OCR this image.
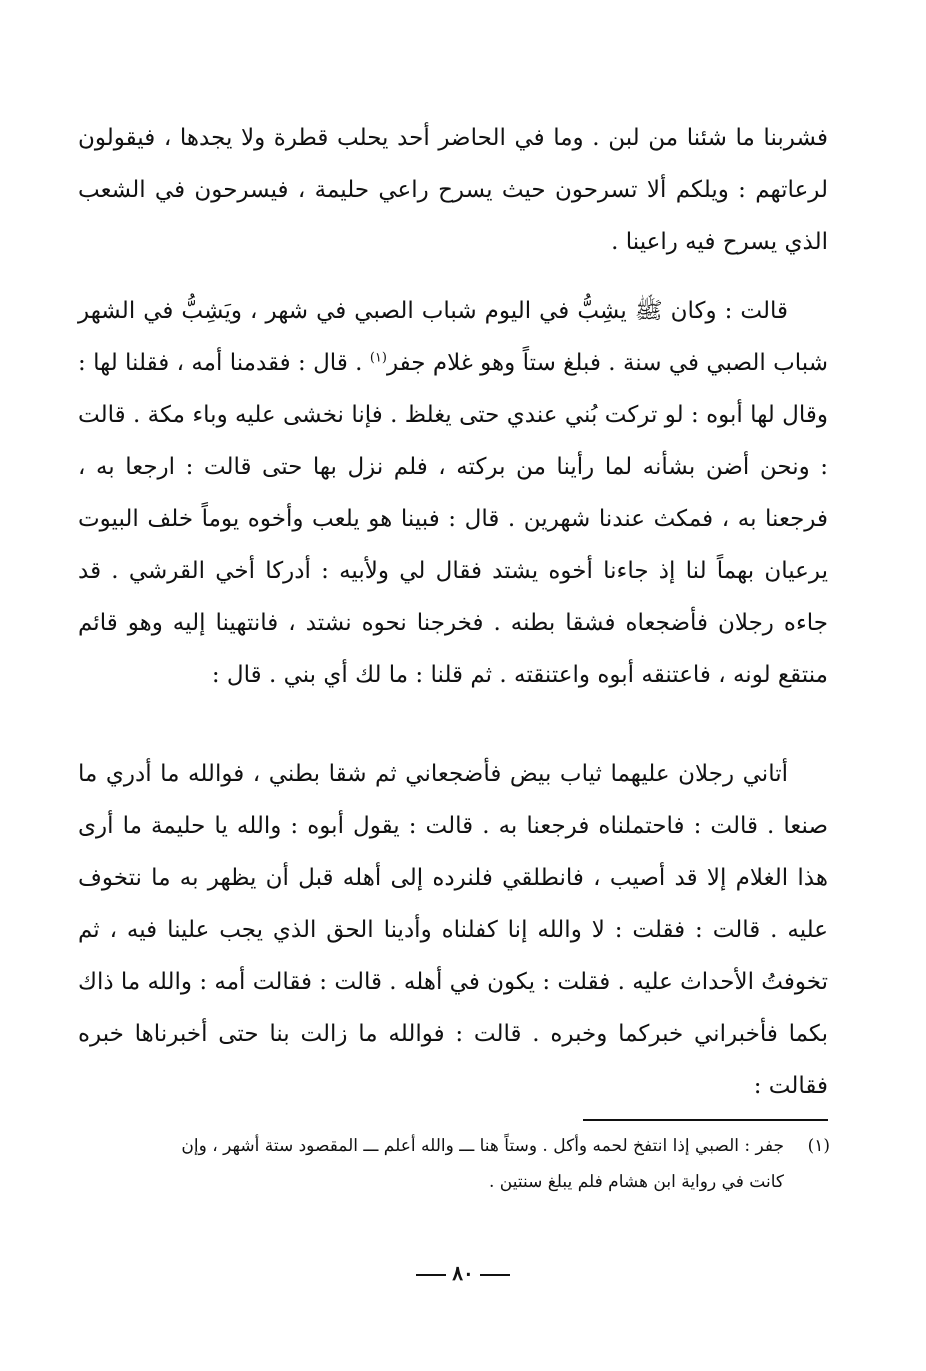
فشربنا ما شئنا من لبن . وما في الحاضر أحد يحلب قطرة ولا يجدها ، فيقولون لرعاتهم : ويلكم ألا تسرحون حيث يسرح راعي حليمة ، فيسرحون في الشعب الذي يسرح فيه راعينا .
قالت : وكان ﷺ يشِبُّ في اليوم شباب الصبي في شهر ، ويَشِبُّ في الشهر شباب الصبي في سنة . فبلغ ستاً وهو غلام جفر$^{(١)}$ . قال : فقدمنا أمه ، فقلنا لها : وقال لها أبوه : لو تركت بُني عندي حتى يغلظ . فإنا نخشى عليه وباء مكة . قالت : ونحن أضن بشأنه لما رأينا من بركته ، فلم نزل بها حتى قالت : ارجعا به ، فرجعنا به ، فمكث عندنا شهرين . قال : فبينا هو يلعب وأخوه يوماً خلف البيوت يرعيان بهماً لنا إذ جاءنا أخوه يشتد فقال لي ولأبيه : أدركا أخي القرشي . قد جاءه رجلان فأضجعاه فشقا بطنه . فخرجنا نحوه نشتد ، فانتهينا إليه وهو قائم منتقع لونه ، فاعتنقه أبوه واعتنقته . ثم قلنا : ما لك أي بني . قال :
أتاني رجلان عليهما ثياب بيض فأضجعاني ثم شقا بطني ، فوالله ما أدري ما صنعا . قالت : فاحتملناه فرجعنا به . قالت : يقول أبوه : والله يا حليمة ما أرى هذا الغلام إلا قد أصيب ، فانطلقي فلنرده إلى أهله قبل أن يظهر به ما نتخوف عليه . قالت : فقلت : لا والله إنا كفلناه وأدينا الحق الذي يجب علينا فيه ، ثم تخوفتُ الأحداث عليه . فقلت : يكون في أهله . قالت : فقالت أمه : والله ما ذاك بكما فأخبراني خبركما وخبره . قالت : فوالله ما زالت بنا حتى أخبرناها خبره فقالت :
(١)جفر : الصبي إذا انتفخ لحمه وأكل . وستاً هنا ـــ والله أعلم ـــ المقصود ستة أشهر ، وإن
كانت في رواية ابن هشام فلم يبلغ سنتين .
٨٠
